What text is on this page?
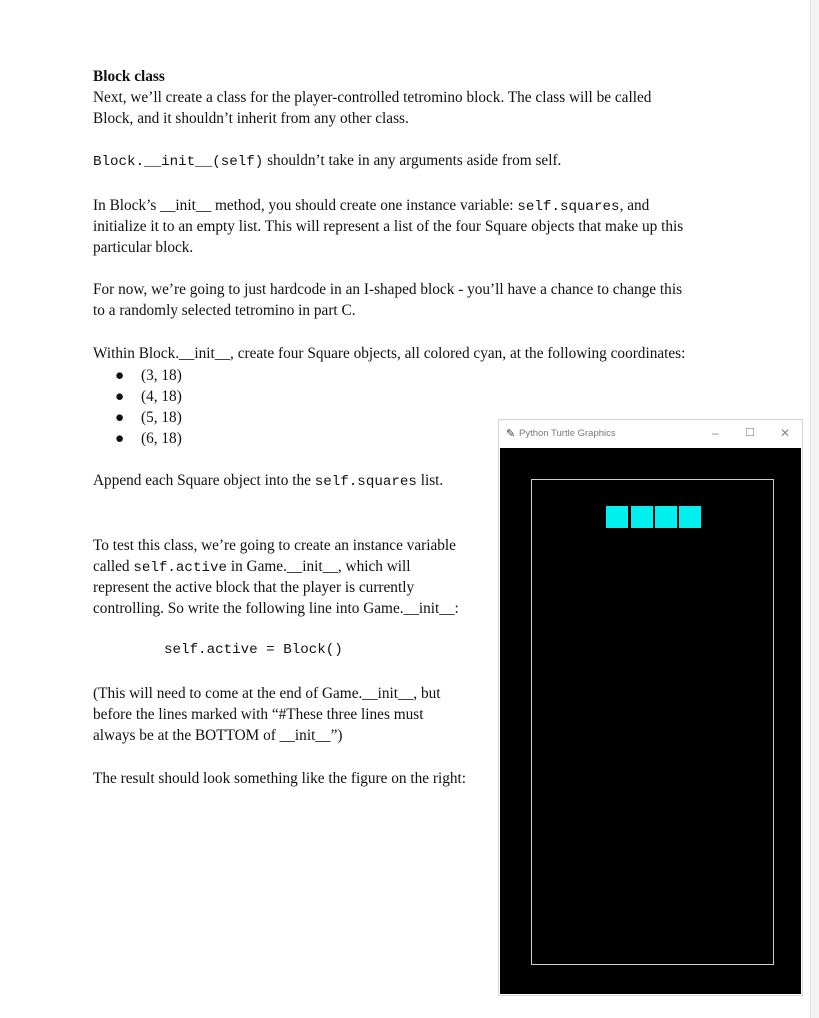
Block class

Next, we’ll create a class for the player-controlled tetromino block. The class will be called

Block, and it shouldn’t inherit from any other class.

Block.__init__(self) shouldn’t take in any arguments aside from self.

In Block’s __init__ method, you should create one instance variable: self.squares, and

initialize it to an empty list. This will represent a list of the four Square objects that make up this

particular block.

For now, we’re going to just hardcode in an I-shaped block - you’ll have a chance to change this

to a randomly selected tetromino in part C.

Within Block.__init__, create four Square objects, all colored cyan, at the following coordinates:

● (3, 18)
● (4, 18)
● (5, 18)
● (6, 18)

Append each Square object into the self.squares list.

To test this class, we’re going to create an instance variable

called self.active in Game.__init__, which will

represent the active block that the player is currently

controlling. So write the following line into Game.__init__:

self.active = Block()

(This will need to come at the end of Game.__init__, but

before the lines marked with “#These three lines must

always be at the BOTTOM of __init__”)

The result should look something like the figure on the right:

✎ Python Turtle Graphics	– ☐ ✕
